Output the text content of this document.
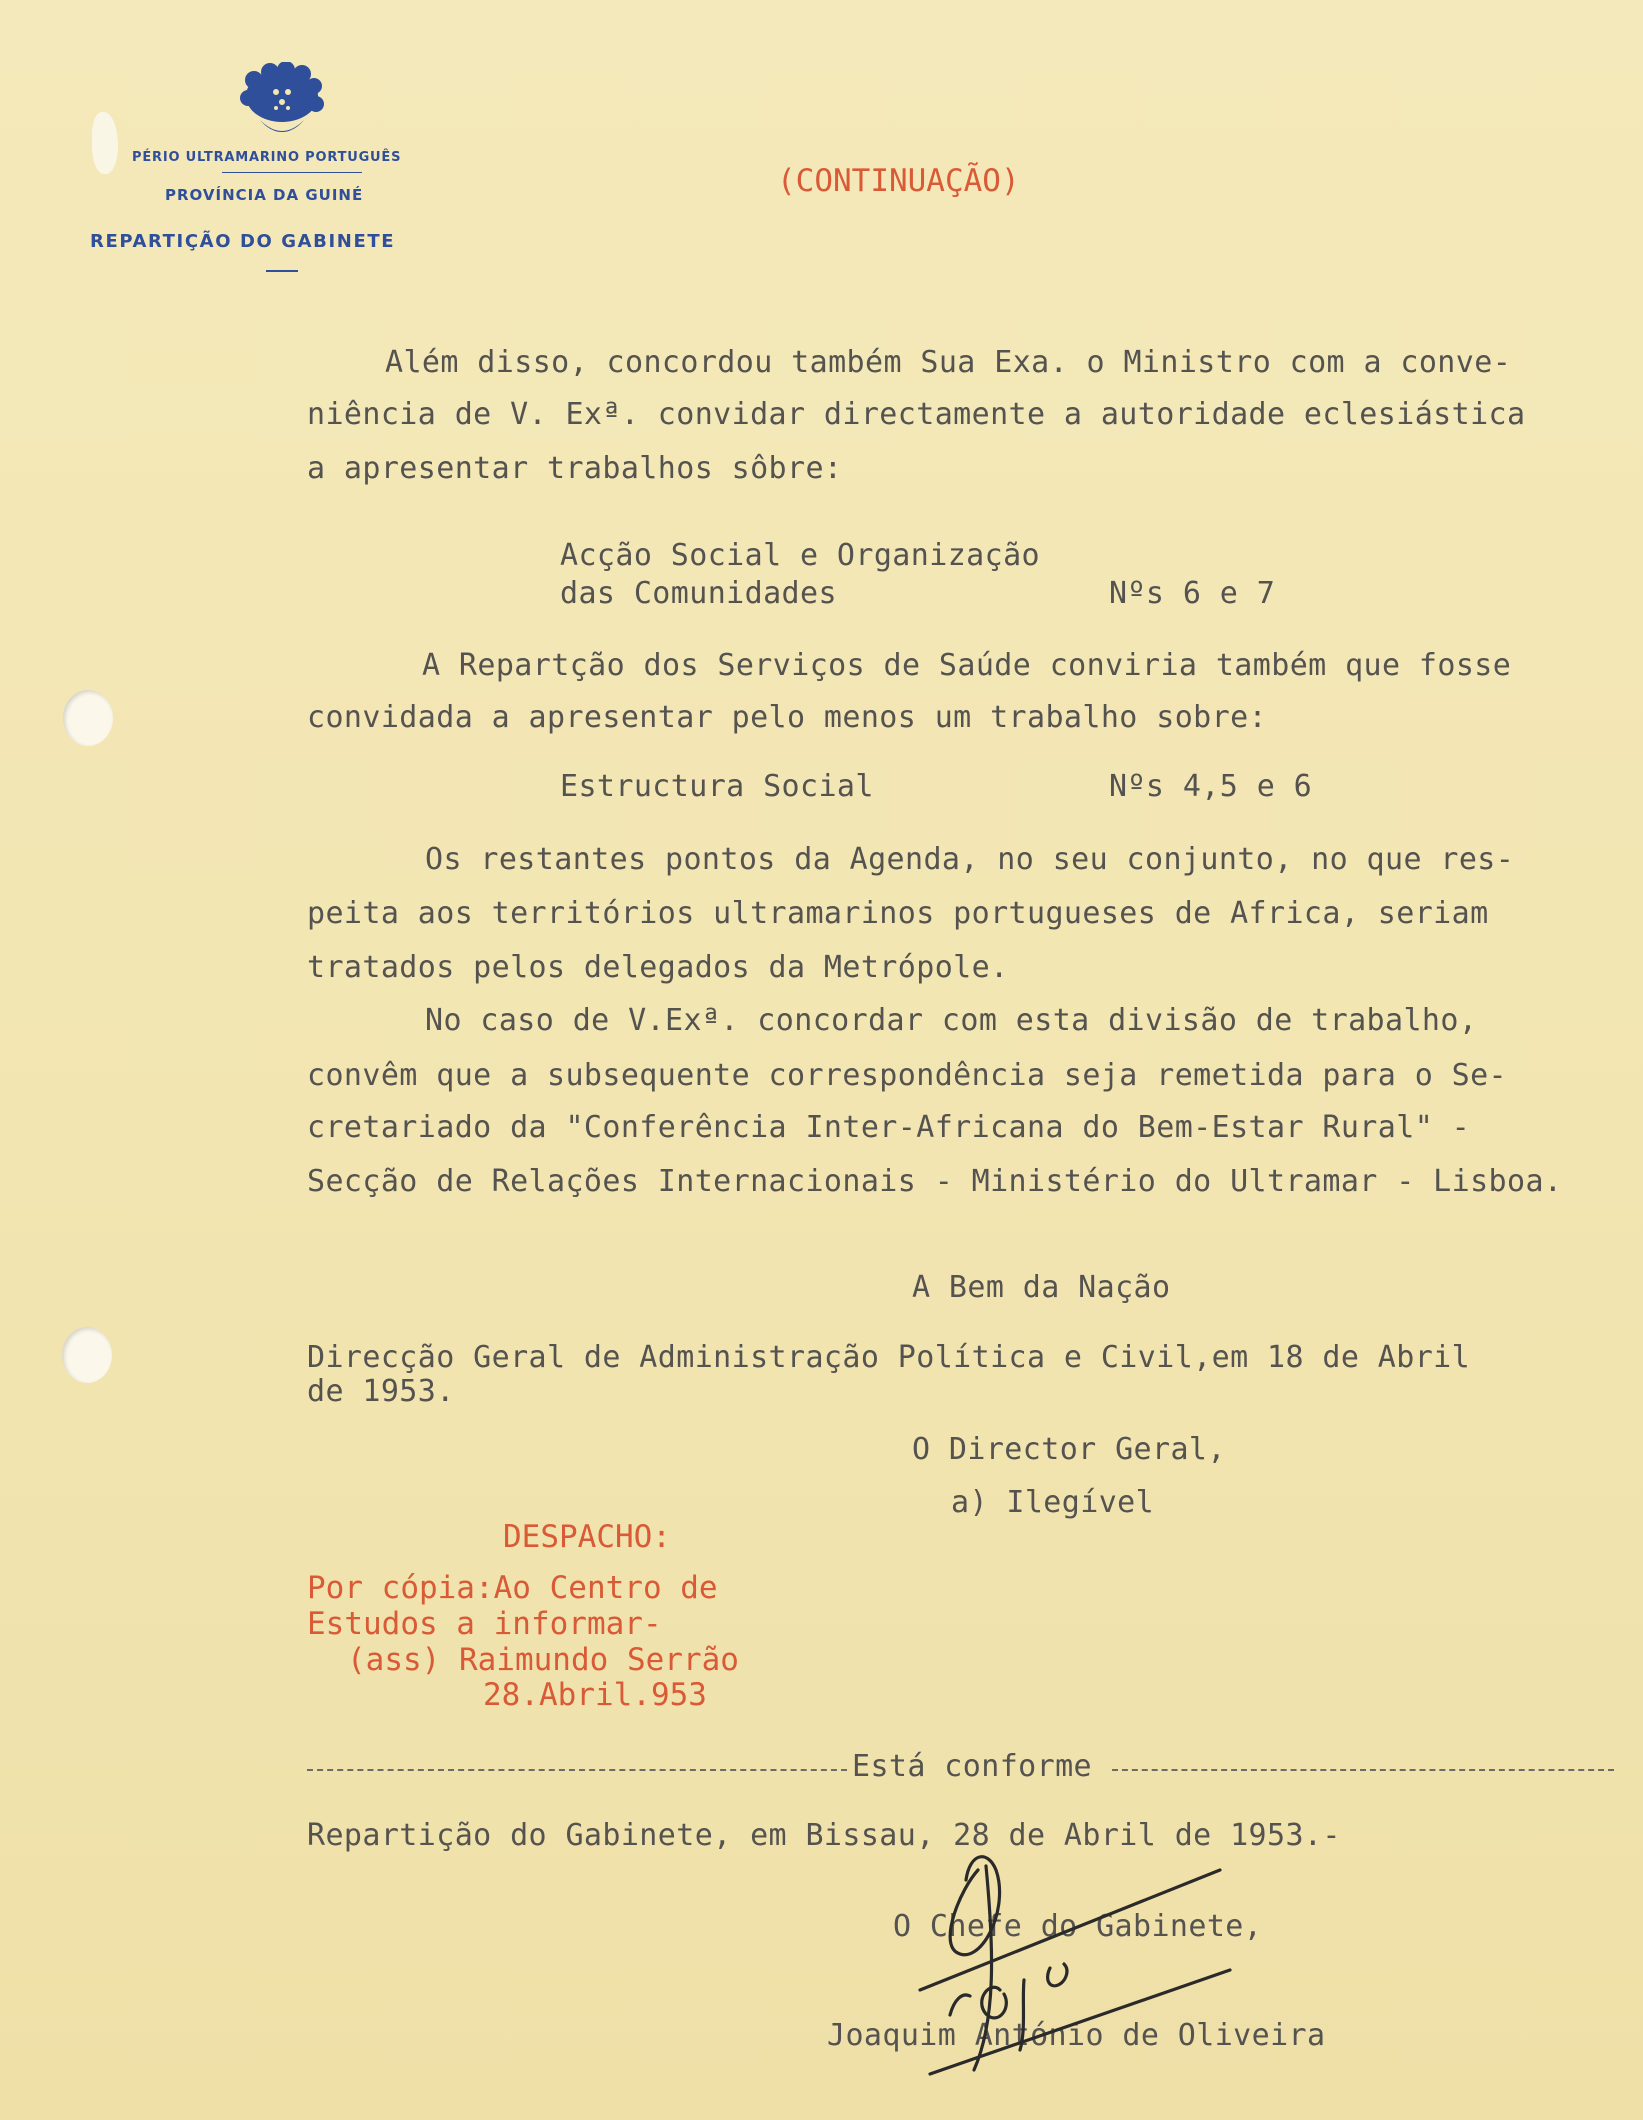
PÉRIO ULTRAMARINO PORTUGUÊS
PROVÍNCIA DA GUINÉ
REPARTIÇÃO DO GABINETE
(CONTINUAÇÃO)
Além disso, concordou também Sua Exa. o Ministro com a conve-
niência de V. Exª. convidar directamente a autoridade eclesiástica
a apresentar trabalhos sôbre:
Acção Social e Organização
das Comunidades	Nºs 6 e 7
A Repartção dos Serviços de Saúde conviria também que fosse
convidada a apresentar pelo menos um trabalho sobre:
Estructura Social	Nºs 4,5 e 6
Os restantes pontos da Agenda, no seu conjunto, no que res-
peita aos territórios ultramarinos portugueses de Africa, seriam
tratados pelos delegados da Metrópole.
No caso de V.Exª. concordar com esta divisão de trabalho,
convêm que a subsequente correspondência seja remetida para o Se-
cretariado da "Conferência Inter-Africana do Bem-Estar Rural" -
Secção de Relações Internacionais - Ministério do Ultramar - Lisboa.
A Bem da Nação
Direcção Geral de Administração Política e Civil,em 18 de Abril
de 1953.
O Director Geral,
a) Ilegível
DESPACHO:
Por cópia:Ao Centro de
Estudos a informar-
(ass) Raimundo Serrão
28.Abril.953
Está conforme
Repartição do Gabinete, em Bissau, 28 de Abril de 1953.-
O Chefe do Gabinete,
Joaquim António de Oliveira
